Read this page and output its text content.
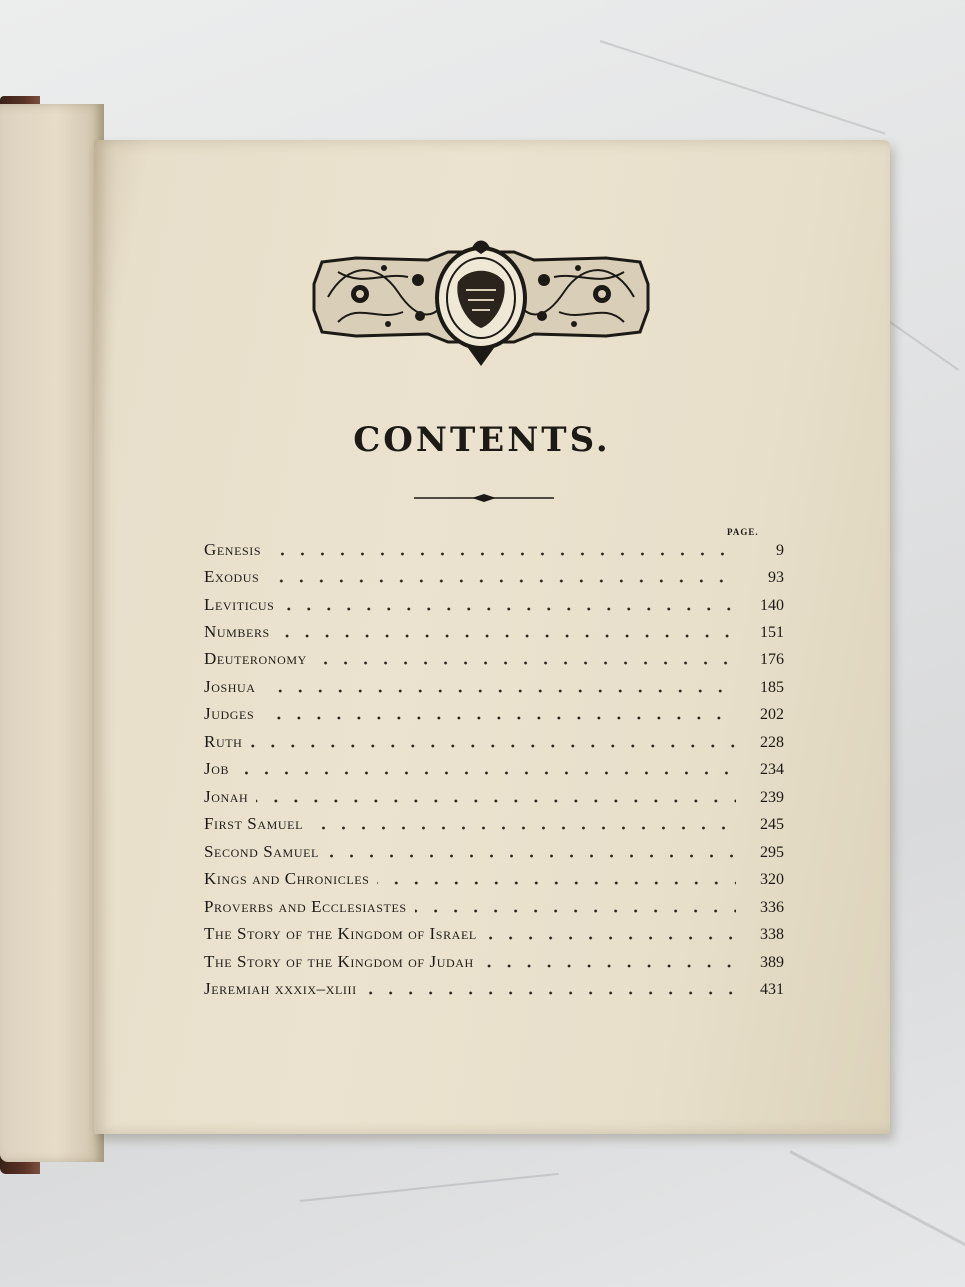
CONTENTS.
PAGE.
Genesis	9
Exodus	93
Leviticus	140
Numbers	151
Deuteronomy	176
Joshua	185
Judges	202
Ruth	228
Job	234
Jonah	239
First Samuel	245
Second Samuel	295
Kings and Chronicles	320
Proverbs and Ecclesiastes	336
The Story of the Kingdom of Israel	338
The Story of the Kingdom of Judah	389
Jeremiah xxxix–xliii	431
